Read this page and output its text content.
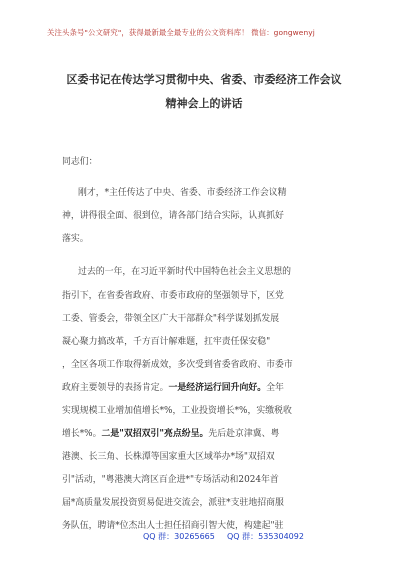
关注头条号"公文研究"，获得最新最全最专业的公文资料库！ 微信：gongwenyj
区委书记在传达学习贯彻中央、省委、市委经济工作会议
精神会上的讲话
同志们：
刚才，*主任传达了中央、省委、市委经济工作会议精
神，讲得很全面、很到位，请各部门结合实际，认真抓好
落实。
过去的一年，在习近平新时代中国特色社会主义思想的
指引下，在省委省政府、市委市政府的坚强领导下，区党
工委、管委会，带领全区广大干部群众"科学谋划抓发展
凝心聚力搞改革，千方百计解难题，扛牢责任保安稳"
，全区各项工作取得新成效，多次受到省委省政府、市委市
政府主要领导的表扬肯定。一是经济运行回升向好。全年
实现规模工业增加值增长*%，工业投资增长*%，实缴税收
增长*%。二是"双招双引"亮点纷呈。先后赴京津冀、粤
港澳、长三角、长株潭等国家重大区域举办*场"双招双
引"活动，"粤港澳大湾区百企进*"专场活动和2024年首
届*高质量发展投资贸易促进交流会，派驻*支驻地招商服
务队伍，聘请*位杰出人士担任招商引智大使，构建起"驻
QQ 群：30265665 QQ 群：535304092
